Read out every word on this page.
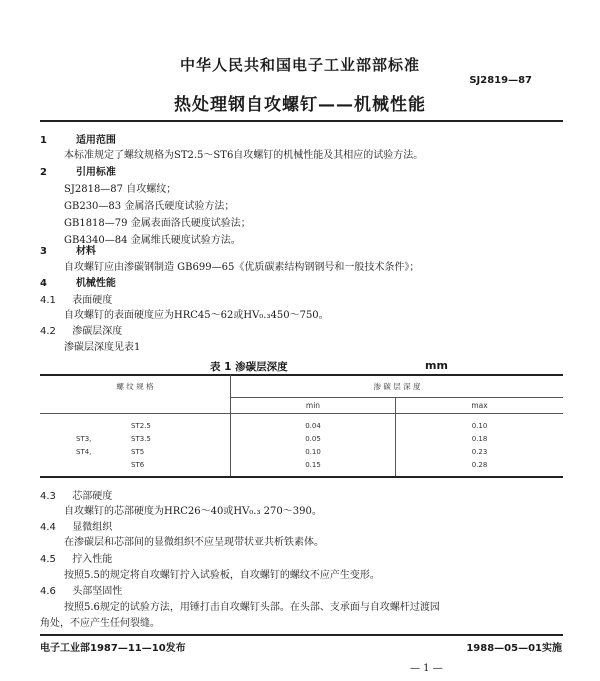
中华人民共和国电子工业部部标准
SJ2819—87
热处理钢自攻螺钉——机械性能
1	适用范围
本标准规定了螺纹规格为ST2.5～ST6自攻螺钉的机械性能及其相应的试验方法。
2	引用标准
SJ2818—87 自攻螺纹；
GB230—83 金属洛氏硬度试验方法；
GB1818—79 金属表面洛氏硬度试验法；
GB4340—84 金属维氏硬度试验方法。
3	材料
自攻螺钉应由渗碳钢制造 GB699—65《优质碳素结构钢钢号和一般技术条件》；
4	机械性能
4.1 表面硬度
自攻螺钉的表面硬度应为HRC45～62或HV₀.₃450～750。
4.2 渗碳层深度
渗碳层深度见表1
表 1 渗碳层深度	mm
螺 纹 规 格	渗 碳 层 深 度
min	max
ST2.5	0.04	0.10
ST3,	ST3.5	0.05	0.18
ST4,	ST5	0.10	0.23
ST6	0.15	0.28
4.3 芯部硬度
自攻螺钉的芯部硬度为HRC26～40或HV₀.₃ 270～390。
4.4 显微组织
在渗碳层和芯部间的显微组织不应呈现带状亚共析铁素体。
4.5 拧入性能
按照5.5的规定将自攻螺钉拧入试验板，自攻螺钉的螺纹不应产生变形。
4.6 头部坚固性
按照5.6规定的试验方法，用锤打击自攻螺钉头部。在头部、支承面与自攻螺杆过渡园
角处，不应产生任何裂缝。
电子工业部1987—11—10发布	1988—05—01实施
— 1 —
